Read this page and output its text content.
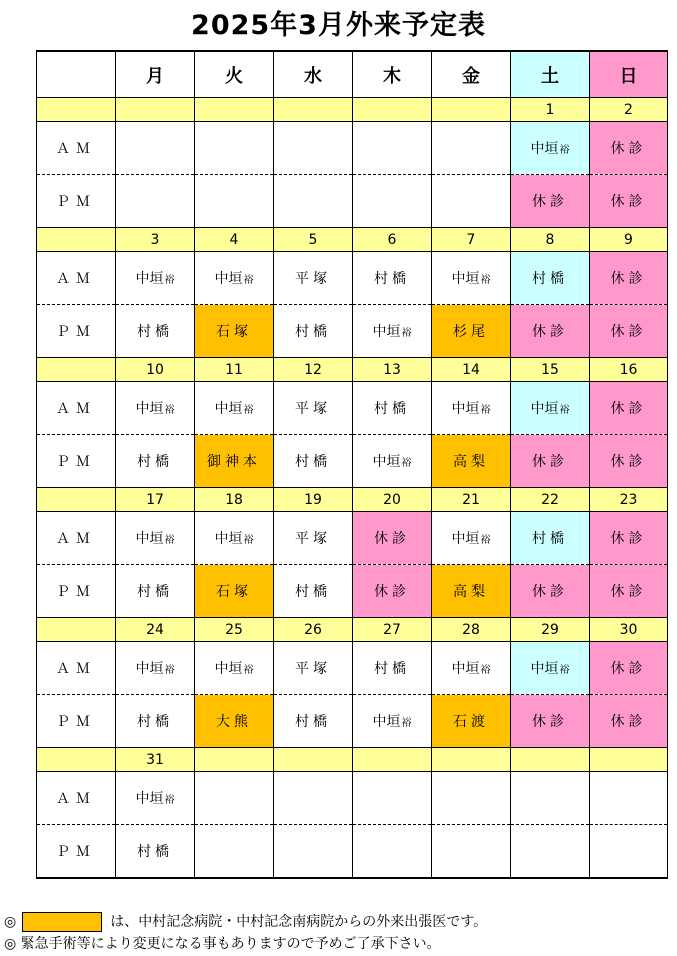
2025年3月外来予定表
	月	火	水	木	金	土	日
						1	2
ＡＭ						中垣裕	休診
ＰＭ						休診	休診
	3	4	5	6	7	8	9
ＡＭ	中垣裕	中垣裕	平塚	村橋	中垣裕	村橋	休診
ＰＭ	村橋	石塚	村橋	中垣裕	杉尾	休診	休診
	10	11	12	13	14	15	16
ＡＭ	中垣裕	中垣裕	平塚	村橋	中垣裕	中垣裕	休診
ＰＭ	村橋	御神本	村橋	中垣裕	高梨	休診	休診
	17	18	19	20	21	22	23
ＡＭ	中垣裕	中垣裕	平塚	休診	中垣裕	村橋	休診
ＰＭ	村橋	石塚	村橋	休診	高梨	休診	休診
	24	25	26	27	28	29	30
ＡＭ	中垣裕	中垣裕	平塚	村橋	中垣裕	中垣裕	休診
ＰＭ	村橋	大熊	村橋	中垣裕	石渡	休診	休診
	31						
ＡＭ	中垣裕						
ＰＭ	村橋						
◎	は、中村記念病院・中村記念南病院からの外来出張医です。
◎ 緊急手術等により変更になる事もありますので予めご了承下さい。
